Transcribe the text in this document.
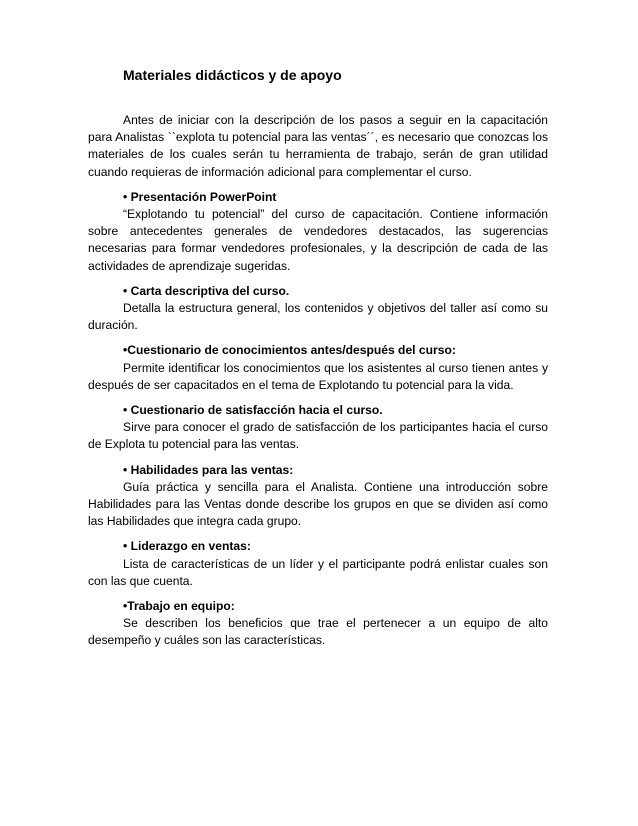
Materiales didácticos y de apoyo

Antes de iniciar con la descripción de los pasos a seguir en la capacitación para Analistas ``explota tu potencial para las ventas´´, es necesario que conozcas los materiales de los cuales serán tu herramienta de trabajo, serán de gran utilidad cuando requieras de información adicional para complementar el curso.

• Presentación PowerPoint

“Explotando tu potencial” del curso de capacitación. Contiene información sobre antecedentes generales de vendedores destacados, las sugerencias necesarias para formar vendedores profesionales, y la descripción de cada de las actividades de aprendizaje sugeridas.

• Carta descriptiva del curso.

Detalla la estructura general, los contenidos y objetivos del taller así como su duración.

•Cuestionario de conocimientos antes/después del curso:

Permite identificar los conocimientos que los asistentes al curso tienen antes y después de ser capacitados en el tema de Explotando tu potencial para la vida.

• Cuestionario de satisfacción hacia el curso.

Sirve para conocer el grado de satisfacción de los participantes hacia el curso de Explota tu potencial para las ventas.

• Habilidades para las ventas:

Guía práctica y sencilla para el Analista. Contiene una introducción sobre Habilidades para las Ventas donde describe los grupos en que se dividen así como las Habilidades que integra cada grupo.

• Liderazgo en ventas:

Lista de características de un líder y el participante podrá enlistar cuales son con las que cuenta.

•Trabajo en equipo:

Se describen los beneficios que trae el pertenecer a un equipo de alto desempeño y cuáles son las características.
